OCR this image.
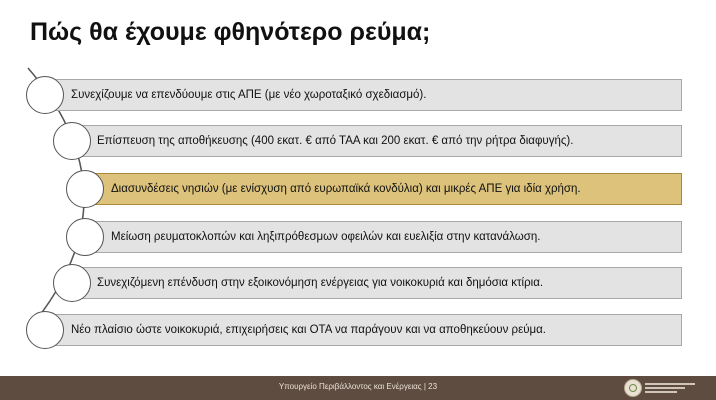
Πώς θα έχουμε φθηνότερο ρεύμα;
Συνεχίζουμε να επενδύουμε στις ΑΠΕ (με νέο χωροταξικό σχεδιασμό).
Επίσπευση της αποθήκευσης (400 εκατ. € από ΤΑΑ και 200 εκατ. € από την ρήτρα διαφυγής).
Διασυνδέσεις νησιών (με ενίσχυση από ευρωπαϊκά κονδύλια) και μικρές ΑΠΕ για ιδία χρήση.
Μείωση ρευματοκλοπών και ληξιπρόθεσμων οφειλών και ευελιξία στην κατανάλωση.
Συνεχιζόμενη επένδυση στην εξοικονόμηση ενέργειας για νοικοκυριά και δημόσια κτίρια.
Νέο πλαίσιο ώστε νοικοκυριά, επιχειρήσεις και ΟΤΑ να παράγουν και να αποθηκεύουν ρεύμα.
Υπουργείο Περιβάλλοντος και Ενέργειας | 23
